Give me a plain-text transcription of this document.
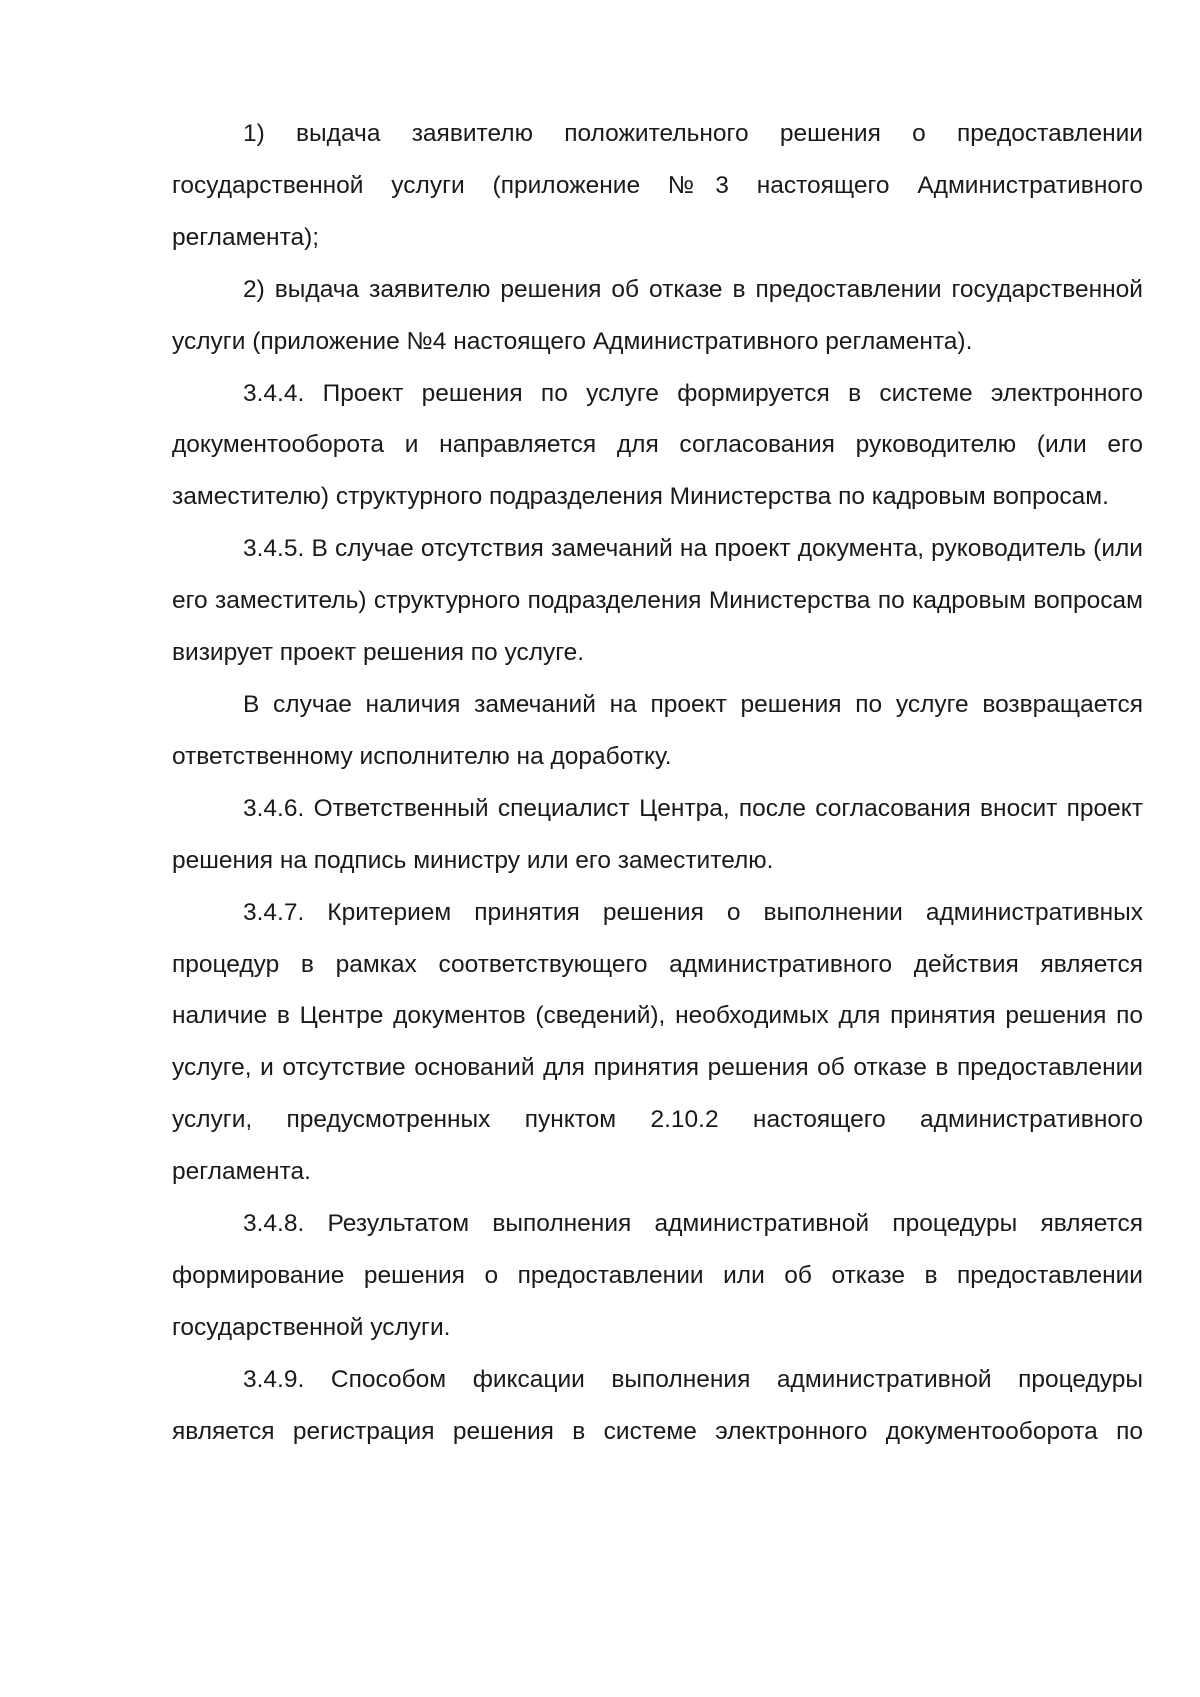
1) выдача заявителю положительного решения о предоставлении государственной услуги (приложение №3 настоящего Административного регламента);

2) выдача заявителю решения об отказе в предоставлении государственной услуги (приложение №4 настоящего Административного регламента).

3.4.4. Проект решения по услуге формируется в системе электронного документооборота и направляется для согласования руководителю (или его заместителю) структурного подразделения Министерства по кадровым вопросам.

3.4.5. В случае отсутствия замечаний на проект документа, руководитель (или его заместитель) структурного подразделения Министерства по кадровым вопросам визирует проект решения по услуге.

В случае наличия замечаний на проект решения по услуге возвращается ответственному исполнителю на доработку.

3.4.6. Ответственный специалист Центра, после согласования вносит проект решения на подпись министру или его заместителю.

3.4.7. Критерием принятия решения о выполнении административных процедур в рамках соответствующего административного действия является наличие в Центре документов (сведений), необходимых для принятия решения по услуге, и отсутствие оснований для принятия решения об отказе в предоставлении услуги, предусмотренных пунктом 2.10.2 настоящего административного регламента.

3.4.8. Результатом выполнения административной процедуры является формирование решения о предоставлении или об отказе в предоставлении государственной услуги.

3.4.9. Способом фиксации выполнения административной процедуры является регистрация решения в системе электронного документооборота по
